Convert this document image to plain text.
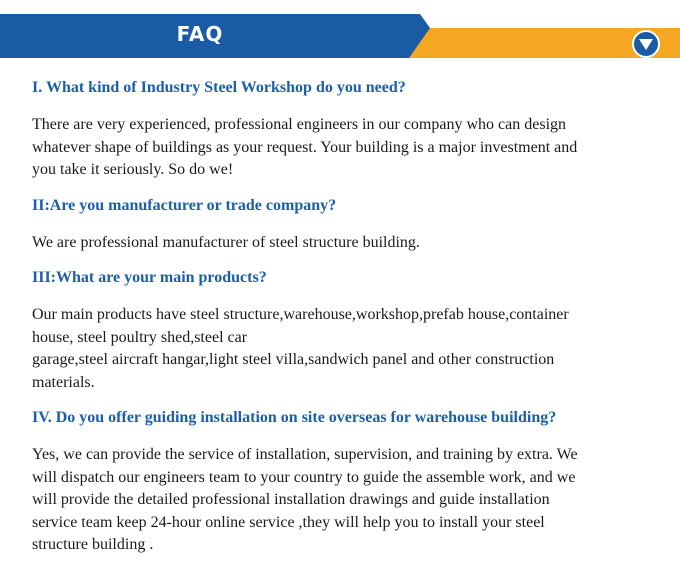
FAQ

I. What kind of Industry Steel Workshop do you need?

There are very experienced, professional engineers in our company who can design
whatever shape of buildings as your request. Your building is a major investment and
you take it seriously. So do we!

II:Are you manufacturer or trade company?

We are professional manufacturer of steel structure building.

III:What are your main products?

Our main products have steel structure,warehouse,workshop,prefab house,container
house, steel poultry shed,steel car
garage,steel aircraft hangar,light steel villa,sandwich panel and other construction
materials.

IV. Do you offer guiding installation on site overseas for warehouse building?

Yes, we can provide the service of installation, supervision, and training by extra. We
will dispatch our engineers team to your country to guide the assemble work, and we
will provide the detailed professional installation drawings and guide installation
service team keep 24-hour online service ,they will help you to install your steel
structure building .
